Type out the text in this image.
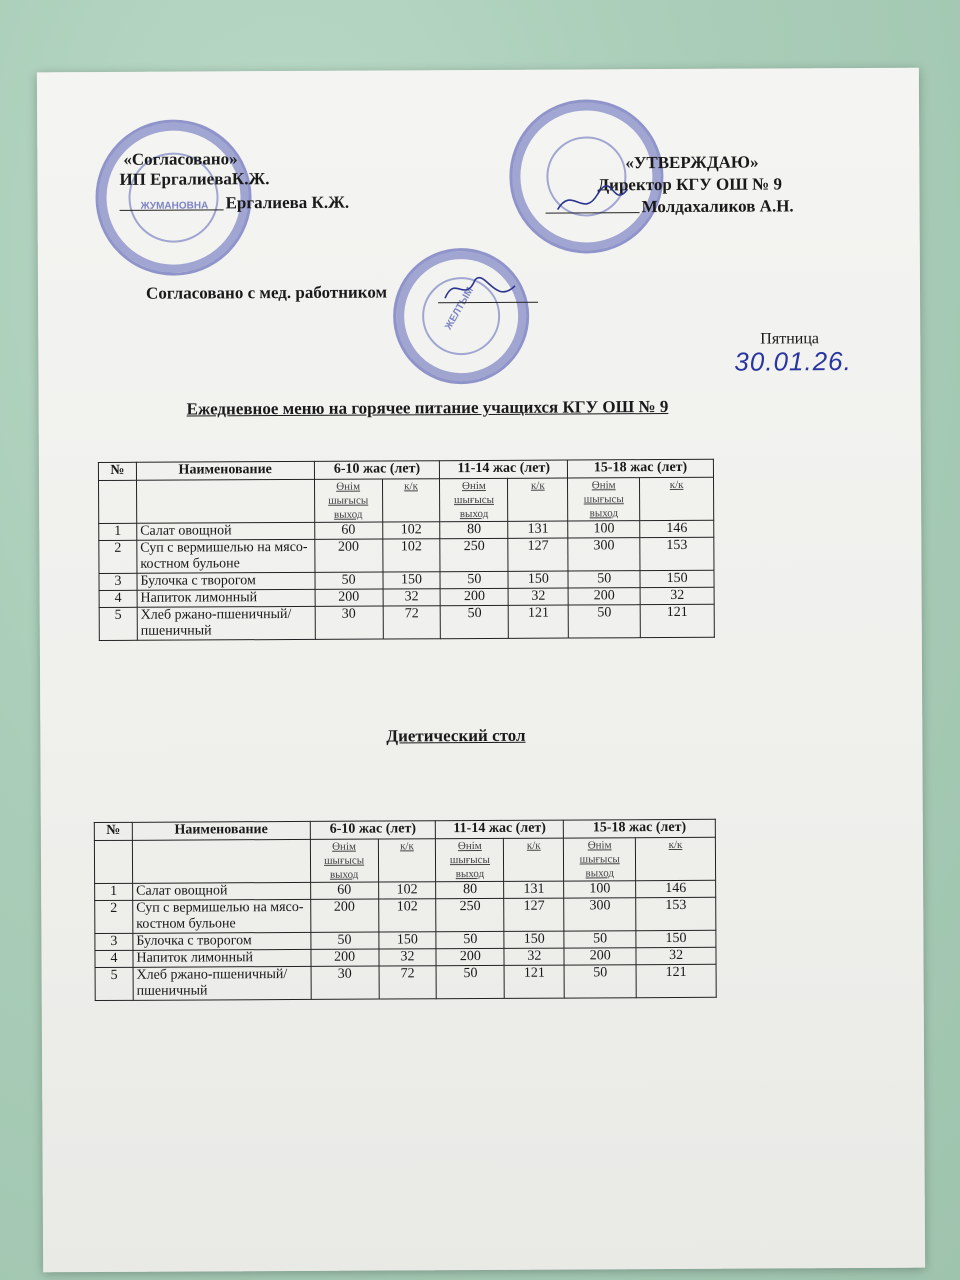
ЖУМАНОВНА
ЖЕЛТЫМ
«Согласовано»
ИП ЕргалиеваК.Ж.
Ергалиева К.Ж.
«УТВЕРЖДАЮ»
Директор КГУ ОШ № 9
Молдахаликов А.Н.
Согласовано с мед. работником
Пятница
30.01.26.
Ежедневное меню на горячее питание учащихся КГУ ОШ № 9
№	Наименование	6-10 жас (лет)		11-14 жас (лет)		15-18 жас (лет)	
		Өнім
шығысы
выход	к/к	Өнім
шығысы
выход	к/к	Өнім
шығысы
выход	к/к
1	Салат овощной	60	102	80	131	100	146
2	Суп с вермишелью на мясо-костном бульоне	200	102	250	127	300	153
3	Булочка с творогом	50	150	50	150	50	150
4	Напиток лимонный	200	32	200	32	200	32
5	Хлеб ржано-пшеничный/пшеничный	30	72	50	121	50	121
Диетический стол
№	Наименование	6-10 жас (лет)		11-14 жас (лет)		15-18 жас (лет)	
		Өнім
шығысы
выход	к/к	Өнім
шығысы
выход	к/к	Өнім
шығысы
выход	к/к
1	Салат овощной	60	102	80	131	100	146
2	Суп с вермишелью на мясо-костном бульоне	200	102	250	127	300	153
3	Булочка с творогом	50	150	50	150	50	150
4	Напиток лимонный	200	32	200	32	200	32
5	Хлеб ржано-пшеничный/пшеничный	30	72	50	121	50	121
